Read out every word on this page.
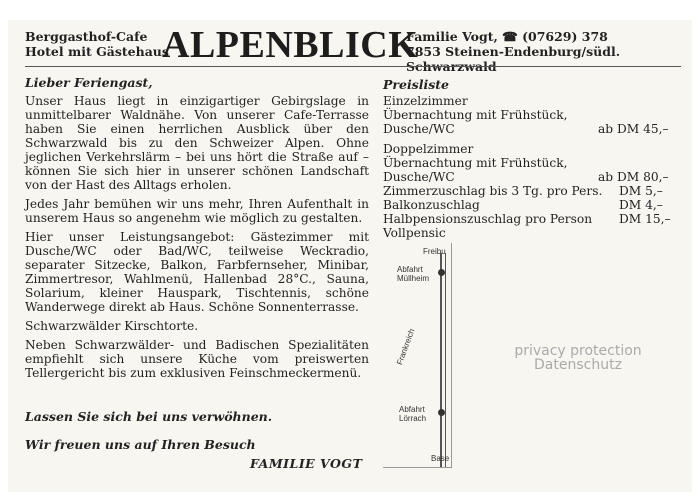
Berggasthof-Cafe
Hotel mit Gästehaus
ALPENBLICK
Familie Vogt, ☎ (07629) 378
7853 Steinen-Endenburg/südl. Schwarzwald
Lieber Feriengast,

Unser Haus liegt in einzigartiger Gebirgslage in unmittelbarer Waldnähe. Von unserer Cafe-Terrasse haben Sie einen herrlichen Ausblick über den Schwarzwald bis zu den Schweizer Alpen. Ohne jeglichen Verkehrslärm – bei uns hört die Straße auf – können Sie sich hier in unserer schönen Landschaft von der Hast des Alltags erholen.

Jedes Jahr bemühen wir uns mehr, Ihren Aufenthalt in unserem Haus so angenehm wie möglich zu gestalten.

Hier unser Leistungsangebot: Gästezimmer mit Dusche/WC oder Bad/WC, teilweise Weckradio, separater Sitzecke, Balkon, Farbfernseher, Minibar, Zimmertresor, Wahlmenü, Hallenbad 28°C., Sauna, Solarium, kleiner Hauspark, Tischtennis, schöne Wanderwege direkt ab Haus. Schöne Sonnenterrasse.

Schwarzwälder Kirschtorte.

Neben Schwarzwälder- und Badischen Spezialitäten empfiehlt sich unsere Küche vom preiswerten Tellergericht bis zum exklusiven Feinschmeckermenü.

Lassen Sie sich bei uns verwöhnen.
Wir freuen uns auf Ihren Besuch
FAMILIE VOGT
Preisliste
Einzelzimmer
Übernachtung mit Frühstück,
Dusche/WC	ab DM 45,–
Doppelzimmer
Übernachtung mit Frühstück,
Dusche/WC	ab DM 80,–
Zimmerzuschlag bis 3 Tg. pro Pers. DM 5,–
Balkonzuschlag	DM 4,–
Halbpensionszuschlag pro Person DM 15,–
Vollpensic
Freibu
Abfahrt
Müllheim
Frankreich
Abfahrt
Lörrach
Base
privacy protection
Datenschutz
